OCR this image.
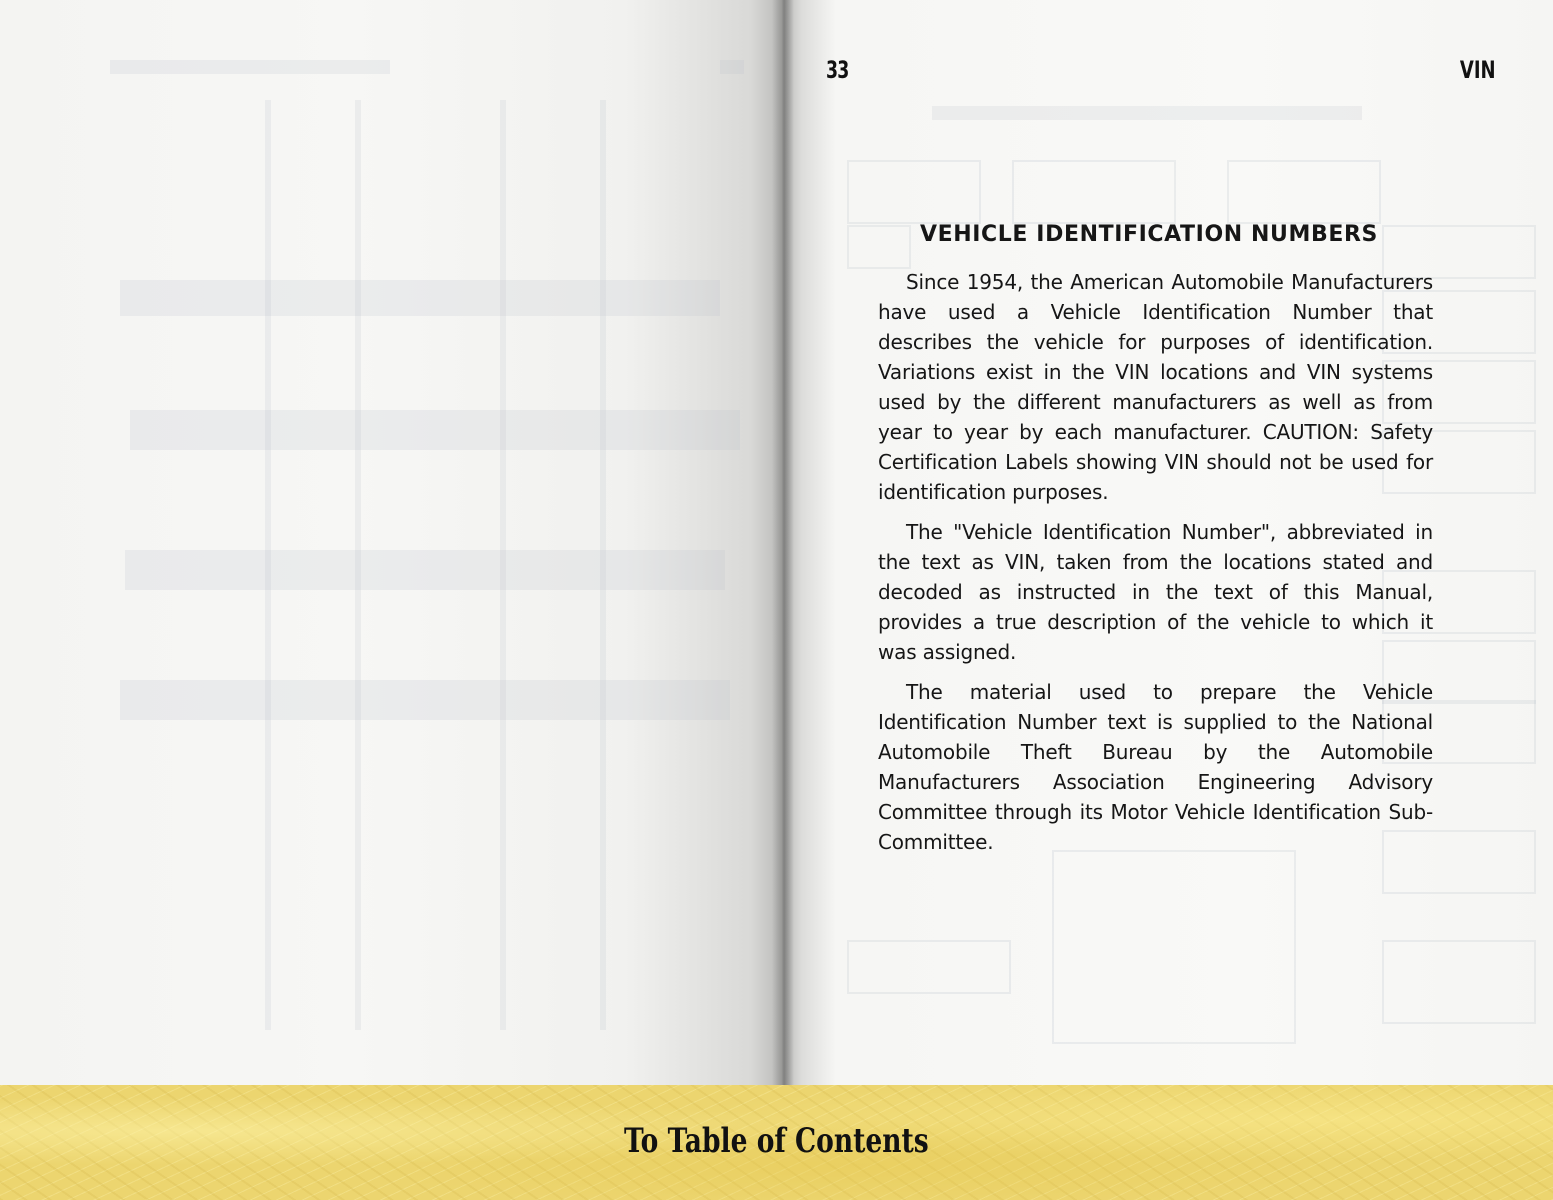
33	VIN
VEHICLE IDENTIFICATION NUMBERS

Since 1954, the American Automobile Manufacturers have used a Vehicle Identification Number that describes the vehicle for purposes of identification. Variations exist in the VIN locations and VIN systems used by the different manufacturers as well as from year to year by each manufacturer. CAUTION: Safety Certification Labels showing VIN should not be used for identification purposes.

The "Vehicle Identification Number", abbreviated in the text as VIN, taken from the locations stated and decoded as instructed in the text of this Manual, provides a true description of the vehicle to which it was assigned.

The material used to prepare the Vehicle Identification Number text is supplied to the National Automobile Theft Bureau by the Automobile Manufacturers Association Engineering Advisory Committee through its Motor Vehicle Identification Sub-Committee.

To Table of Contents
